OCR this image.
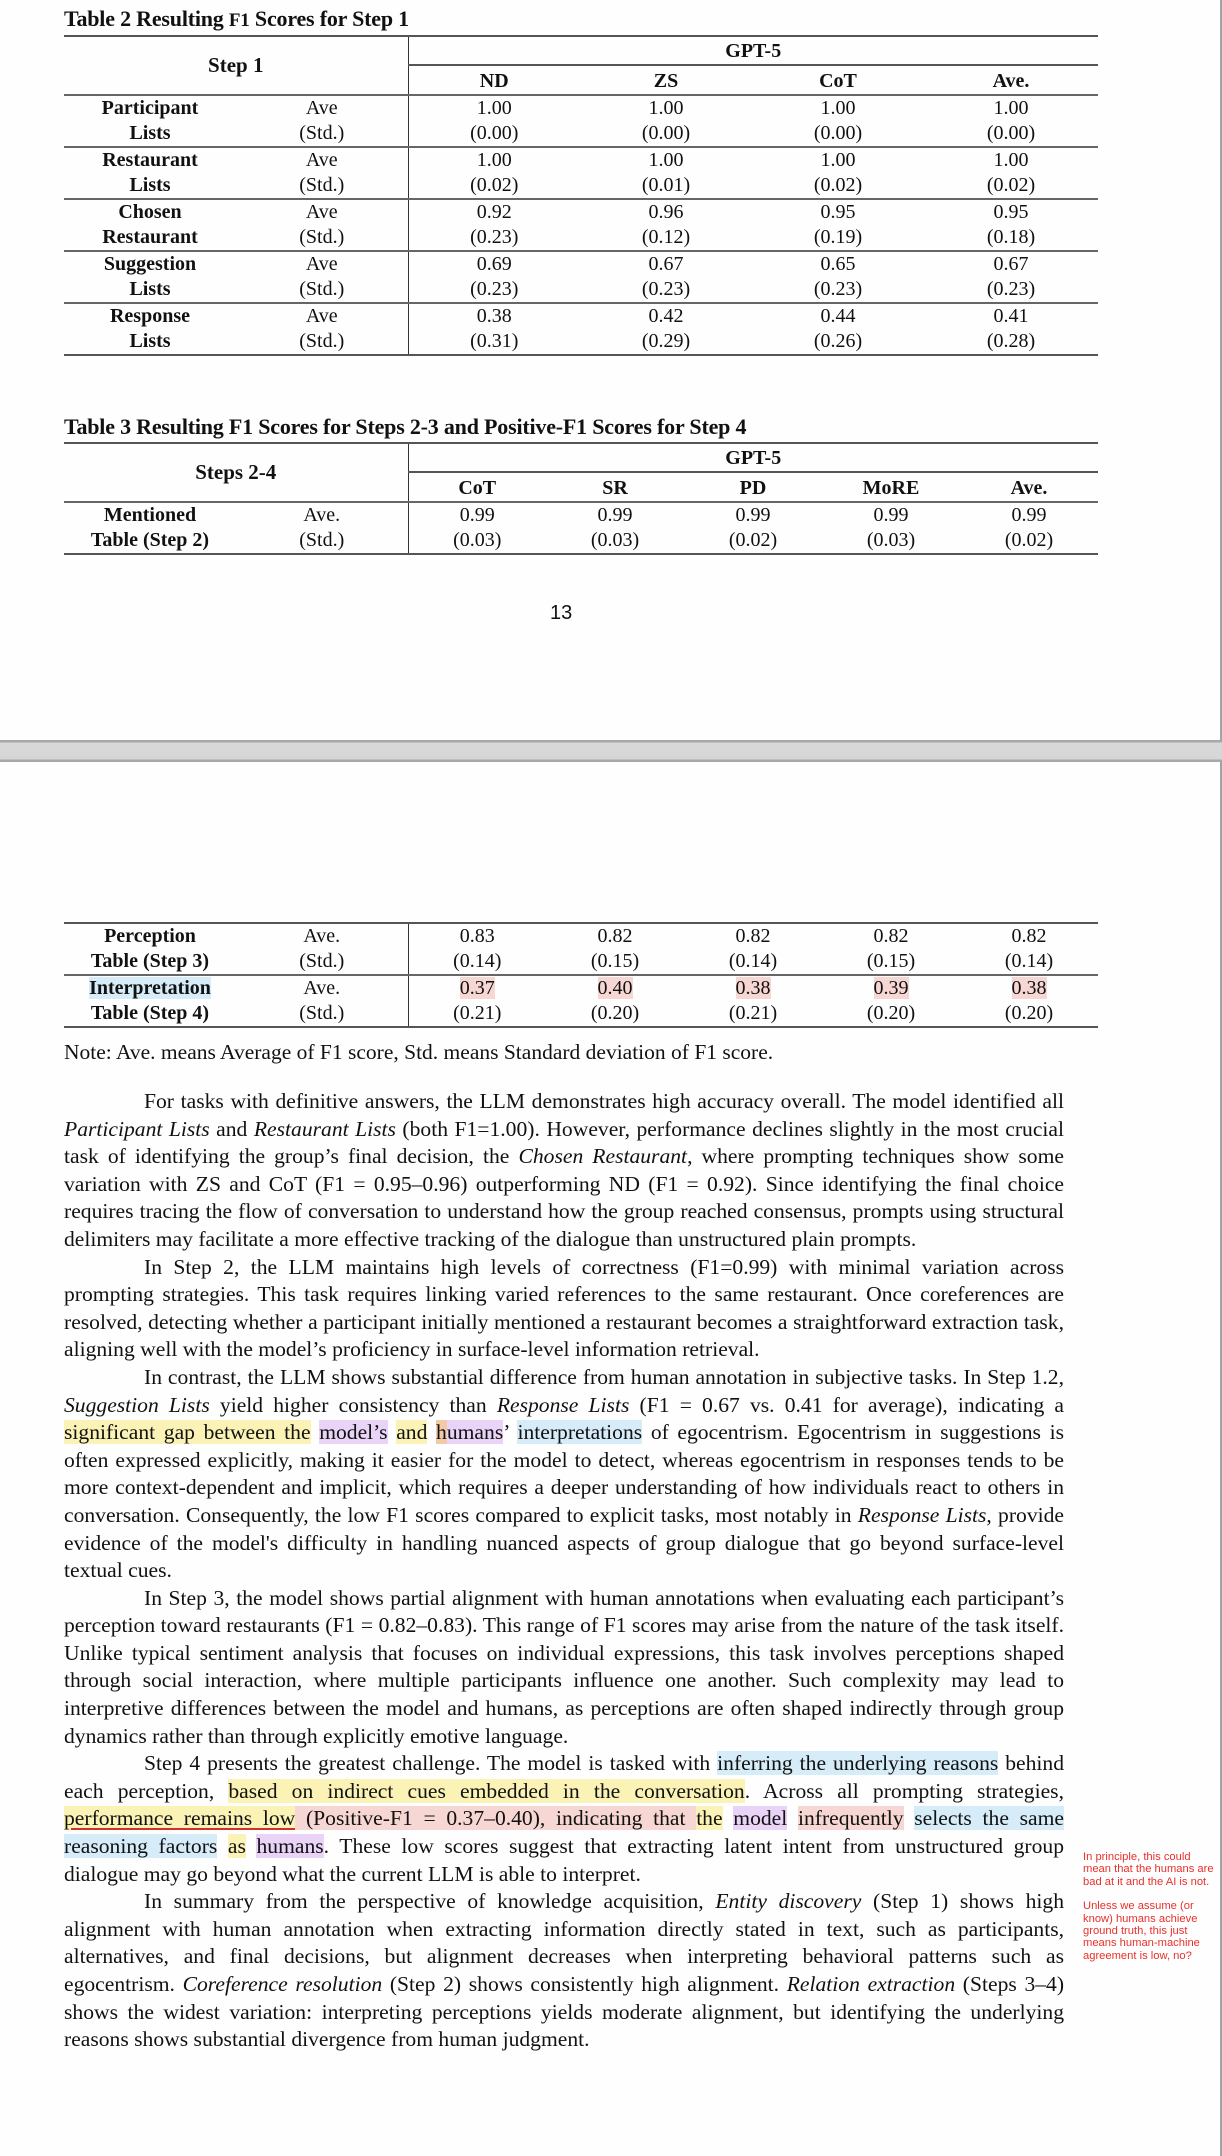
Table 2 Resulting F1 Scores for Step 1
Step 1		GPT-5			
		ND	ZS	CoT	Ave.
Participant	Ave	1.00	1.00	1.00	1.00
Lists	(Std.)	(0.00)	(0.00)	(0.00)	(0.00)
Restaurant	Ave	1.00	1.00	1.00	1.00
Lists	(Std.)	(0.02)	(0.01)	(0.02)	(0.02)
Chosen	Ave	0.92	0.96	0.95	0.95
Restaurant	(Std.)	(0.23)	(0.12)	(0.19)	(0.18)
Suggestion	Ave	0.69	0.67	0.65	0.67
Lists	(Std.)	(0.23)	(0.23)	(0.23)	(0.23)
Response	Ave	0.38	0.42	0.44	0.41
Lists	(Std.)	(0.31)	(0.29)	(0.26)	(0.28)
Table 3 Resulting F1 Scores for Steps 2-3 and Positive-F1 Scores for Step 4
Steps 2-4		GPT-5				
		CoT	SR	PD	MoRE	Ave.
Mentioned	Ave.	0.99	0.99	0.99	0.99	0.99
Table (Step 2)	(Std.)	(0.03)	(0.03)	(0.02)	(0.03)	(0.02)
13
Perception	Ave.	0.83	0.82	0.82	0.82	0.82
Table (Step 3)	(Std.)	(0.14)	(0.15)	(0.14)	(0.15)	(0.14)
Interpretation	Ave.	0.37	0.40	0.38	0.39	0.38
Table (Step 4)	(Std.)	(0.21)	(0.20)	(0.21)	(0.20)	(0.20)
Note: Ave. means Average of F1 score, Std. means Standard deviation of F1 score.

For tasks with definitive answers, the LLM demonstrates high accuracy overall. The model identified all Participant Lists and Restaurant Lists (both F1=1.00). However, performance declines slightly in the most crucial task of identifying the group’s final decision, the Chosen Restaurant, where prompting techniques show some variation with ZS and CoT (F1 = 0.95–0.96) outperforming ND (F1 = 0.92). Since identifying the final choice requires tracing the flow of conversation to understand how the group reached consensus, prompts using structural delimiters may facilitate a more effective tracking of the dialogue than unstructured plain prompts.

In Step 2, the LLM maintains high levels of correctness (F1=0.99) with minimal variation across prompting strategies. This task requires linking varied references to the same restaurant. Once coreferences are resolved, detecting whether a participant initially mentioned a restaurant becomes a straightforward extraction task, aligning well with the model’s proficiency in surface-level information retrieval.

In contrast, the LLM shows substantial difference from human annotation in subjective tasks. In Step 1.2, Suggestion Lists yield higher consistency than Response Lists (F1 = 0.67 vs. 0.41 for average), indicating a significant gap between the model’s and humans’ interpretations of egocentrism. Egocentrism in suggestions is often expressed explicitly, making it easier for the model to detect, whereas egocentrism in responses tends to be more context-dependent and implicit, which requires a deeper understanding of how individuals react to others in conversation. Consequently, the low F1 scores compared to explicit tasks, most notably in Response Lists, provide evidence of the model's difficulty in handling nuanced aspects of group dialogue that go beyond surface-level textual cues.

In Step 3, the model shows partial alignment with human annotations when evaluating each participant’s perception toward restaurants (F1 = 0.82–0.83). This range of F1 scores may arise from the nature of the task itself. Unlike typical sentiment analysis that focuses on individual expressions, this task involves perceptions shaped through social interaction, where multiple participants influence one another. Such complexity may lead to interpretive differences between the model and humans, as perceptions are often shaped indirectly through group dynamics rather than through explicitly emotive language.

Step 4 presents the greatest challenge. The model is tasked with inferring the underlying reasons behind each perception, based on indirect cues embedded in the conversation. Across all prompting strategies, performance remains low (Positive-F1 = 0.37–0.40), indicating that the model infrequently selects the same reasoning factors as humans. These low scores suggest that extracting latent intent from unstructured group dialogue may go beyond what the current LLM is able to interpret.

In summary from the perspective of knowledge acquisition, Entity discovery (Step 1) shows high alignment with human annotation when extracting information directly stated in text, such as participants, alternatives, and final decisions, but alignment decreases when interpreting behavioral patterns such as egocentrism. Coreference resolution (Step 2) shows consistently high alignment. Relation extraction (Steps 3–4) shows the widest variation: interpreting perceptions yields moderate alignment, but identifying the underlying reasons shows substantial divergence from human judgment.

In principle, this could mean that the humans are bad at it and the AI is not.

Unless we assume (or know) humans achieve ground truth, this just means human-machine agreement is low, no?
